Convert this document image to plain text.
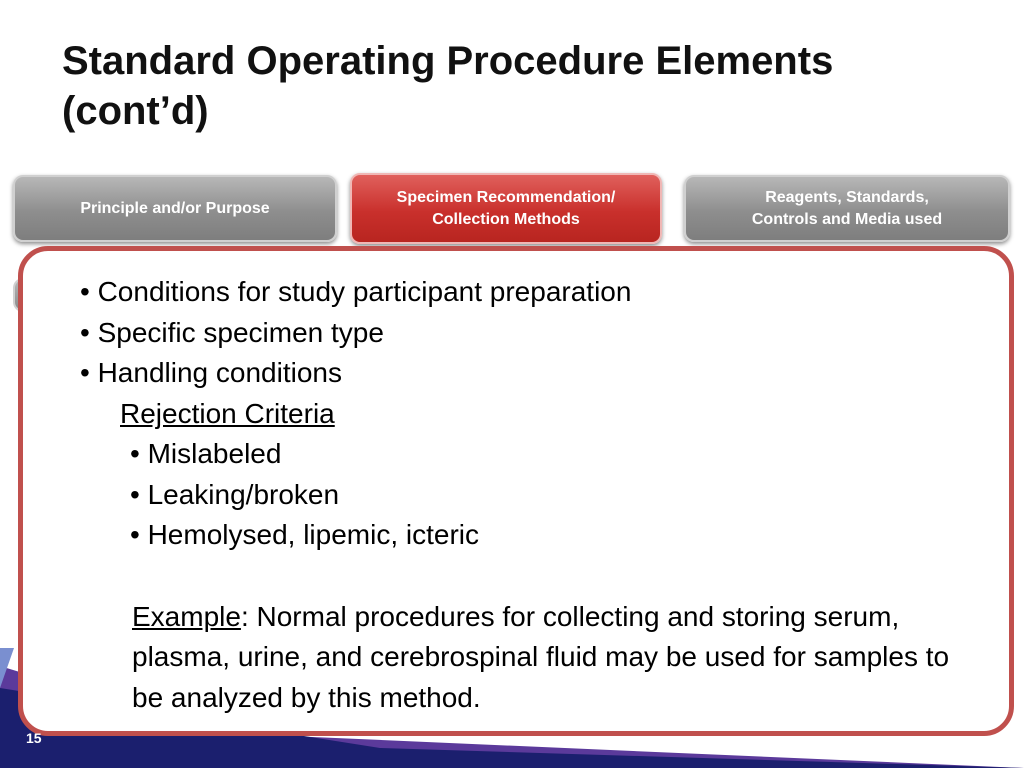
Standard Operating Procedure Elements
(cont’d)
Principle and/or Purpose
Specimen Recommendation/
Collection Methods
Reagents, Standards,
Controls and Media used
• Conditions for study participant preparation
• Specific specimen type
• Handling conditions
Rejection Criteria
• Mislabeled
• Leaking/broken
• Hemolysed, lipemic, icteric
Example: Normal procedures for collecting and storing serum, plasma, urine, and cerebrospinal fluid may be used for samples to be analyzed by this method.
15
